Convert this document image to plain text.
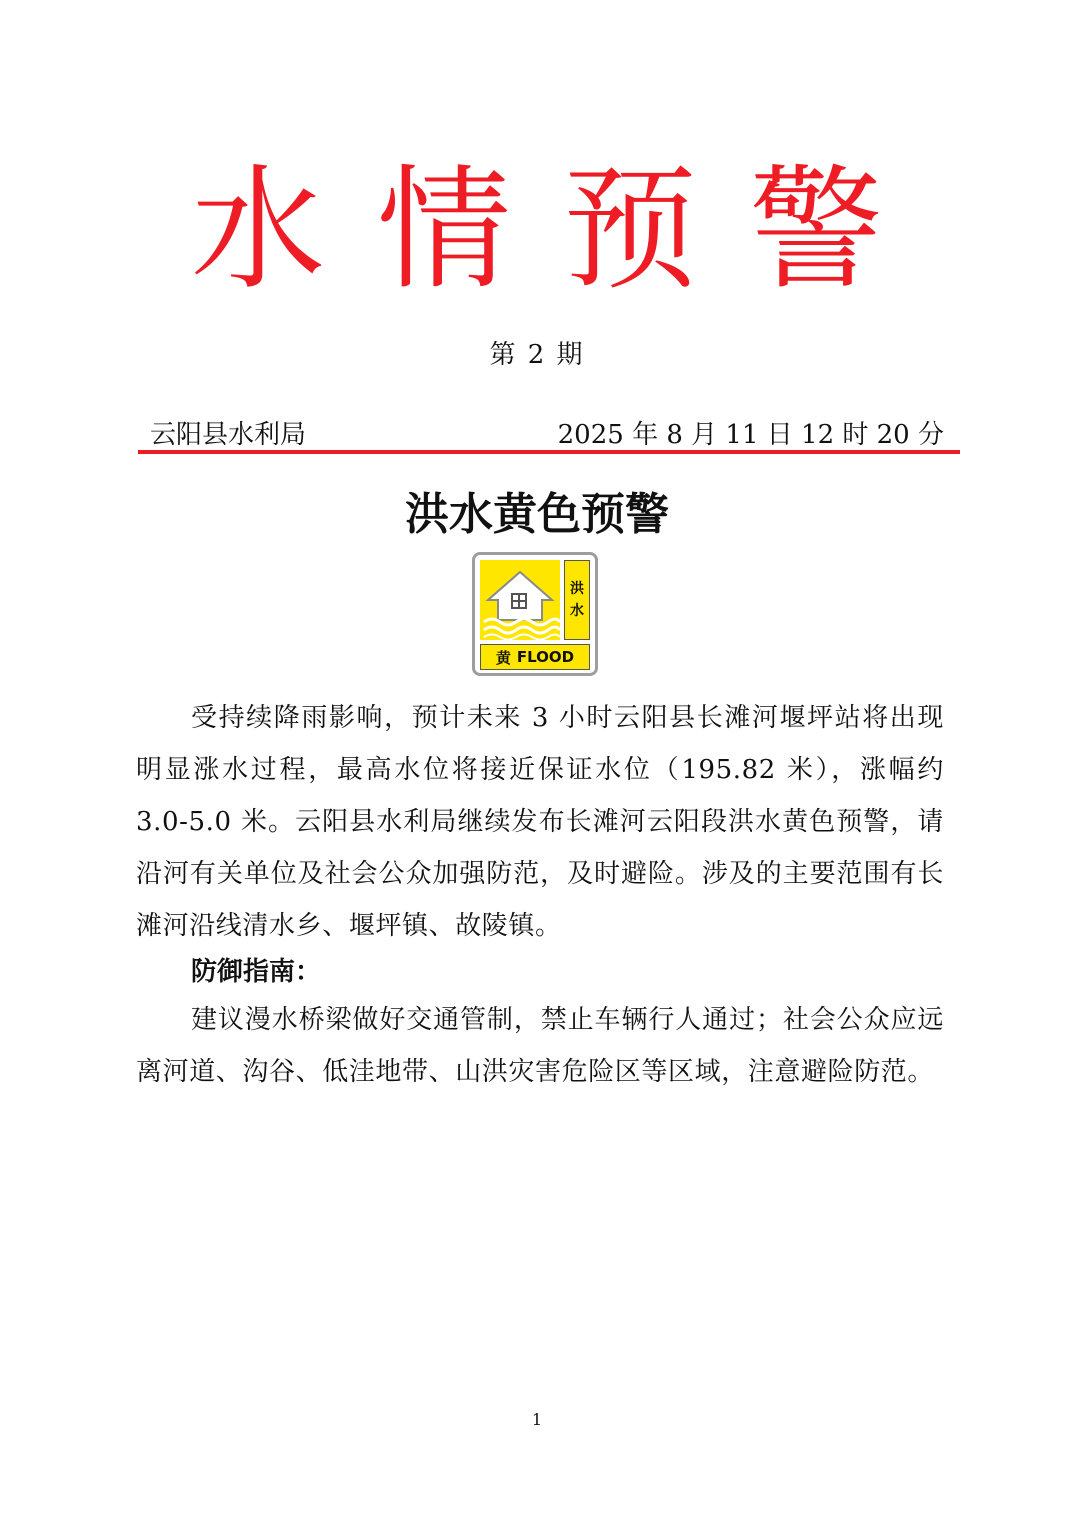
水 情 预 警
第 2 期
云阳县水利局	2025 年 8 月 11 日 12 时 20 分
洪水黄色预警
洪
水
黄 FLOOD

受持续降雨影响，预计未来 3 小时云阳县长滩河堰坪站将出现明显涨水过程，最高水位将接近保证水位（195.82 米），涨幅约 3.0-5.0 米。云阳县水利局继续发布长滩河云阳段洪水黄色预警，请沿河有关单位及社会公众加强防范，及时避险。涉及的主要范围有长滩河沿线清水乡、堰坪镇、故陵镇。

防御指南：

建议漫水桥梁做好交通管制，禁止车辆行人通过；社会公众应远离河道、沟谷、低洼地带、山洪灾害危险区等区域，注意避险防范。

1
